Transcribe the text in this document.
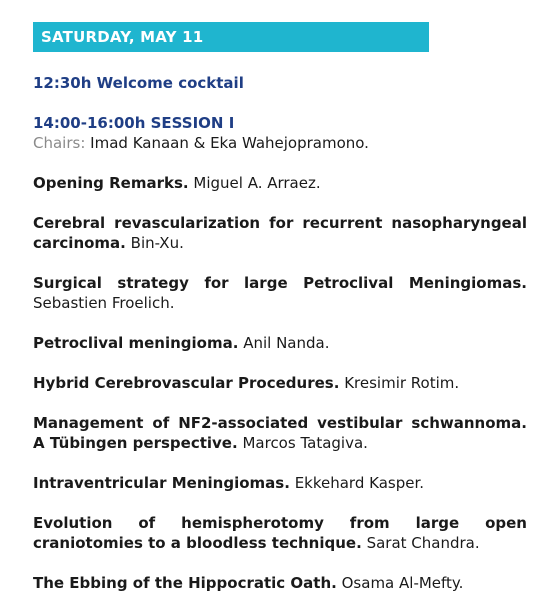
SATURDAY, MAY 11

12:30h Welcome cocktail

14:00-16:00h SESSION I

Chairs: Imad Kanaan & Eka Wahejopramono.

Opening Remarks. Miguel A. Arraez.

Cerebral revascularization for recurrent nasopharyngeal carcinoma. Bin-Xu.

Surgical strategy for large Petroclival Meningiomas. Sebastien Froelich.

Petroclival meningioma. Anil Nanda.

Hybrid Cerebrovascular Procedures. Kresimir Rotim.

Management of NF2-associated vestibular schwannoma. A Tübingen perspective. Marcos Tatagiva.

Intraventricular Meningiomas. Ekkehard Kasper.

Evolution of hemispherotomy from large open craniotomies to a bloodless technique. Sarat Chandra.

The Ebbing of the Hippocratic Oath. Osama Al-Mefty.
